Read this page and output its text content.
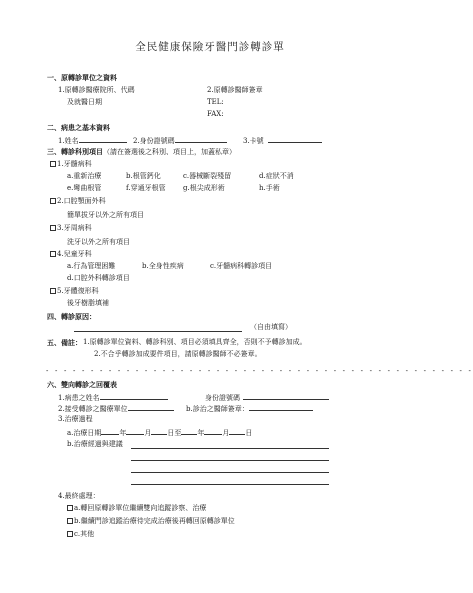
全民健康保險牙醫門診轉診單
一、原轉診單位之資料
1.原轉診醫療院所、代碼	2.原轉診醫師簽章
及就醫日期	TEL:
FAX:
二、病患之基本資料
1.姓名	2.身份證號碼	3.卡號
三、轉診科別項目（請在簽選後之科別、項目上，加蓋私章）
1.牙髓病科
a.重新治療	b.根管鈣化	c.器械斷裂殘留	d.症狀不消
e.彎曲根管	f.穿通牙根管 g.根尖成形術	h.手術
2.口腔顎面外科
簡單拔牙以外之所有項目
3.牙周病科
洗牙以外之所有項目
4.兒童牙科
a.行為管理困難	b.全身性疾病	c.牙髓病科轉診項目
d.口腔外科轉診項目
5.牙體復形科
後牙樹脂填補
四、轉診原因：
（自由填寫）
五、備註： 1.原轉診單位資料、轉診科別、項目必須填具齊全，否則不予轉診加成。
2.不合乎轉診加成要件項目，請原轉診醫師不必簽章。
- - - - - - - - - - - - - - - - - - - - - - - - - - - - - - - - - - - - - - - - - - - - - - - -
六、雙向轉診之回覆表
1.病患之姓名	身份證號碼
2.接受轉診之醫療單位	b.診治之醫師簽章：
3.治療過程
a.治療日期	年	月 日至 年	月 日
b.治療經過與建議
4.最終處理：
a.轉回原轉診單位繼續雙向追蹤診察、治療
b.繼續門診追蹤治療待完成治療後再轉回原轉診單位
c.其他
